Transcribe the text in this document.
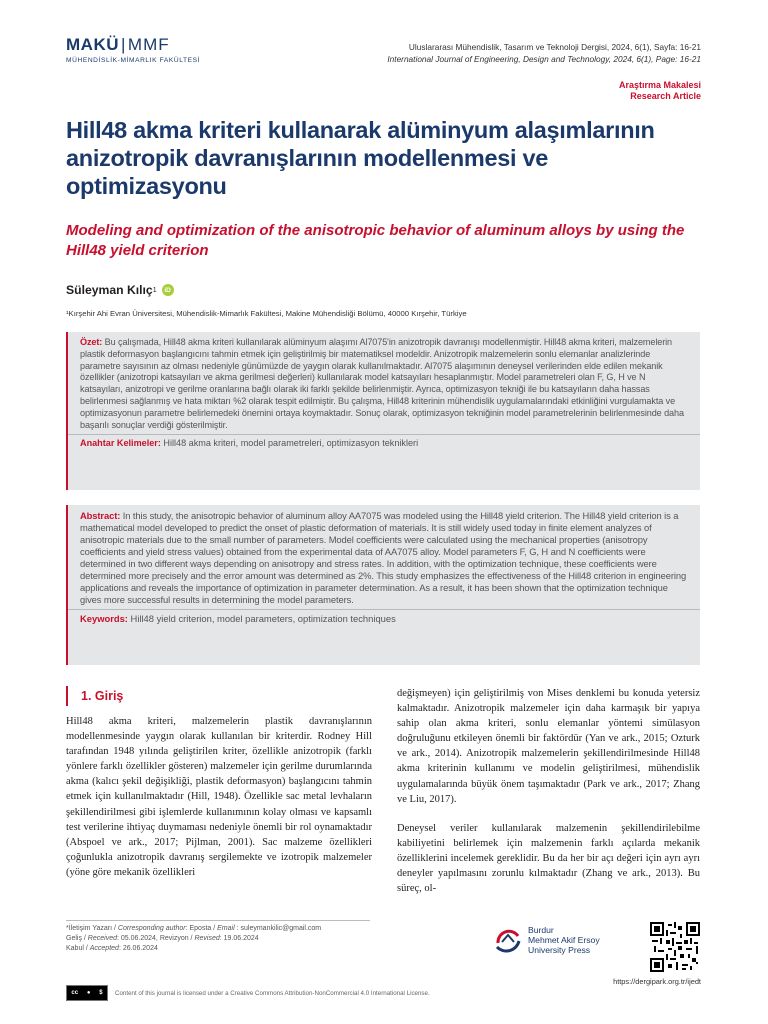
MAKÜ | MMF
MÜHENDİSLİK-MİMARLIK FAKÜLTESİ
Uluslararası Mühendislik, Tasarım ve Teknoloji Dergisi, 2024, 6(1), Sayfa: 16-21
International Journal of Engineering, Design and Technology, 2024, 6(1), Page: 16-21
Araştırma Makalesi
Research Article
Hill48 akma kriteri kullanarak alüminyum alaşımlarının anizotropik davranışlarının modellenmesi ve optimizasyonu
Modeling and optimization of the anisotropic behavior of aluminum alloys by using the Hill48 yield criterion
Süleyman Kılıç 1	iD
¹Kırşehir Ahi Evran Üniversitesi, Mühendislik-Mimarlık Fakültesi, Makine Mühendisliği Bölümü, 40000 Kırşehir, Türkiye
Özet: Bu çalışmada, Hill48 akma kriteri kullanılarak alüminyum alaşımı Al7075'in anizotropik davranışı modellenmiştir. Hill48 akma kriteri, malzemelerin plastik deformasyon başlangıcını tahmin etmek için geliştirilmiş bir matematiksel modeldir. Anizotropik malzemelerin sonlu elemanlar analizlerinde parametre sayısının az olması nedeniyle günümüzde de yaygın olarak kullanılmaktadır. Al7075 alaşımının deneysel verilerinden elde edilen mekanik özellikler (anizotropi katsayıları ve akma gerilmesi değerleri) kullanılarak model katsayıları hesaplanmıştır. Model parametreleri olan F, G, H ve N katsayıları, anizotropi ve gerilme oranlarına bağlı olarak iki farklı şekilde belirlenmiştir. Ayrıca, optimizasyon tekniği ile bu katsayıların daha hassas belirlenmesi sağlanmış ve hata miktarı %2 olarak tespit edilmiştir. Bu çalışma, Hill48 kriterinin mühendislik uygulamalarındaki etkinliğini vurgulamakta ve optimizasyonun parametre belirlemedeki önemini ortaya koymaktadır. Sonuç olarak, optimizasyon tekniğinin model parametrelerinin belirlenmesinde daha başarılı sonuçlar verdiği gösterilmiştir.
Anahtar Kelimeler: Hill48 akma kriteri, model parametreleri, optimizasyon teknikleri
Abstract: In this study, the anisotropic behavior of aluminum alloy AA7075 was modeled using the Hill48 yield criterion. The Hill48 yield criterion is a mathematical model developed to predict the onset of plastic deformation of materials. It is still widely used today in finite element analyzes of anisotropic materials due to the small number of parameters. Model coefficients were calculated using the mechanical properties (anisotropy coefficients and yield stress values) obtained from the experimental data of AA7075 alloy. Model parameters F, G, H and N coefficients were determined in two different ways depending on anisotropy and stress rates. In addition, with the optimization technique, these coefficients were determined more precisely and the error amount was determined as 2%. This study emphasizes the effectiveness of the Hill48 criterion in engineering applications and reveals the importance of optimization in parameter determination. As a result, it has been shown that the optimization technique gives more successful results in determining the model parameters.
Keywords: Hill48 yield criterion, model parameters, optimization techniques
1. Giriş

Hill48 akma kriteri, malzemelerin plastik davranışlarının modellenmesinde yaygın olarak kullanılan bir kriterdir. Rodney Hill tarafından 1948 yılında geliştirilen kriter, özellikle anizotropik (farklı yönlere farklı özellikler gösteren) malzemeler için gerilme durumlarında akma (kalıcı şekil değişikliği, plastik deformasyon) başlangıcını tahmin etmek için kullanılmaktadır (Hill, 1948). Özellikle sac metal levhaların şekillendirilmesi gibi işlemlerde kullanımının kolay olması ve kapsamlı test verilerine ihtiyaç duymaması nedeniyle önemli bir rol oynamaktadır (Abspoel ve ark., 2017; Pijlman, 2001). Sac malzeme özellikleri çoğunlukla anizotropik davranış sergilemekte ve izotropik malzemeler (yöne göre mekanik özellikleri

değişmeyen) için geliştirilmiş von Mises denklemi bu konuda yetersiz kalmaktadır. Anizotropik malzemeler için daha karmaşık bir yapıya sahip olan akma kriteri, sonlu elemanlar yöntemi simülasyon doğruluğunu etkileyen önemli bir faktördür (Yan ve ark., 2015; Ozturk ve ark., 2014). Anizotropik malzemelerin şekillendirilmesinde Hill48 akma kriterinin kullanımı ve modelin geliştirilmesi, mühendislik uygulamalarında büyük önem taşımaktadır (Park ve ark., 2017; Zhang ve Liu, 2017).

Deneysel veriler kullanılarak malzemenin şekillendirilebilme kabiliyetini belirlemek için malzemenin farklı açılarda mekanik özelliklerini incelemek gereklidir. Bu da her bir açı değeri için ayrı ayrı deneyler yapılmasını zorunlu kılmaktadır (Zhang ve ark., 2013). Bu süreç, ol-

*İletişim Yazarı / Corresponding author: Eposta / Email : suleymankilic@gmail.com
Geliş / Received: 05.06.2024, Revizyon / Revised: 19.06.2024
Kabul / Accepted: 26.06.2024
Burdur
Mehmet Akif Ersoy
University Press
https://dergipark.org.tr/ijedt
cc ● $ Content of this journal is licensed under a Creative Commons Attribution-NonCommercial 4.0 International License.
